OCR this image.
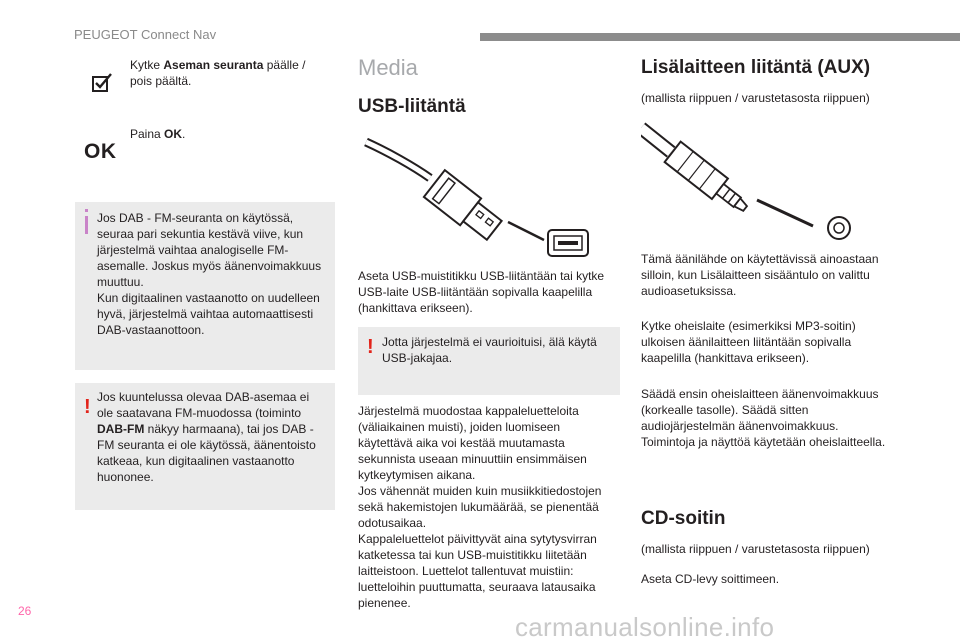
PEUGEOT Connect Nav
Kytke Aseman seuranta päälle /
pois päältä.
OK
Paina OK.
Jos DAB - FM-seuranta on käytössä,
seuraa pari sekuntia kestävä viive, kun
järjestelmä vaihtaa analogiselle FM-
asemalle. Joskus myös äänenvoimakkuus
muuttuu.
Kun digitaalinen vastaanotto on uudelleen
hyvä, järjestelmä vaihtaa automaattisesti
DAB-vastaanottoon.
! Jos kuuntelussa olevaa DAB-asemaa ei
ole saatavana FM-muodossa (toiminto
DAB-FM näkyy harmaana), tai jos DAB -
FM seuranta ei ole käytössä, äänentoisto
katkeaa, kun digitaalinen vastaanotto
huononee.
Media
USB-liitäntä
Aseta USB-muistitikku USB-liitäntään tai kytke
USB-laite USB-liitäntään sopivalla kaapelilla
(hankittava erikseen).
! Jotta järjestelmä ei vaurioituisi, älä käytä
USB-jakajaa.
Järjestelmä muodostaa kappaleluetteloita
(väliaikainen muisti), joiden luomiseen
käytettävä aika voi kestää muutamasta
sekunnista useaan minuuttiin ensimmäisen
kytkeytymisen aikana.
Jos vähennät muiden kuin musiikkitiedostojen
sekä hakemistojen lukumäärää, se pienentää
odotusaikaa.
Kappaleluettelot päivittyvät aina sytytysvirran
katketessa tai kun USB-muistitikku liitetään
laitteistoon. Luettelot tallentuvat muistiin:
luetteloihin puuttumatta, seuraava latausaika
pienenee.
Lisälaitteen liitäntä (AUX)
(mallista riippuen / varustetasosta riippuen)
Tämä äänilähde on käytettävissä ainoastaan
silloin, kun Lisälaitteen sisääntulo on valittu
audioasetuksissa.
Kytke oheislaite (esimerkiksi MP3-soitin)
ulkoisen äänilaitteen liitäntään sopivalla
kaapelilla (hankittava erikseen).
Säädä ensin oheislaitteen äänenvoimakkuus
(korkealle tasolle). Säädä sitten
audiojärjestelmän äänenvoimakkuus.
Toimintoja ja näyttöä käytetään oheislaitteella.
CD-soitin
(mallista riippuen / varustetasosta riippuen)
Aseta CD-levy soittimeen.
26
carmanualsonline.info
